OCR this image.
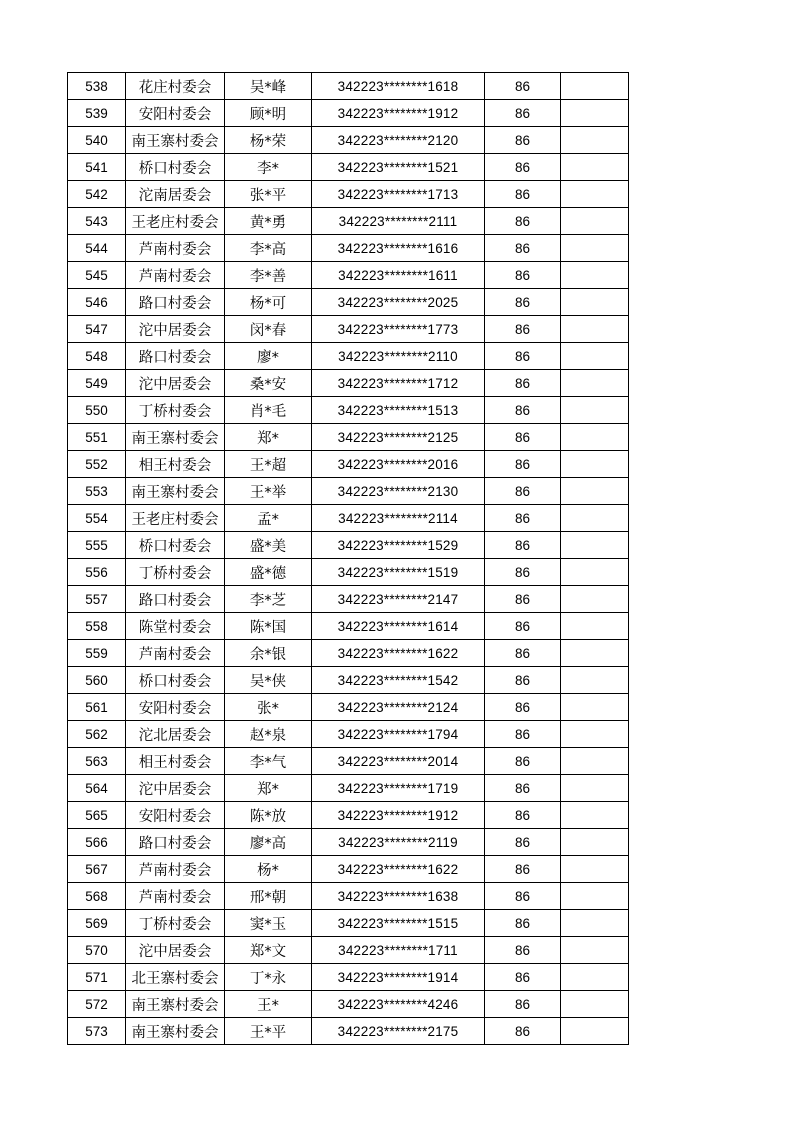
538	花庄村委会	吴*峰	342223********1618	86	
539	安阳村委会	顾*明	342223********1912	86	
540	南王寨村委会	杨*荣	342223********2120	86	
541	桥口村委会	李*	342223********1521	86	
542	沱南居委会	张*平	342223********1713	86	
543	王老庄村委会	黄*勇	342223********2111	86	
544	芦南村委会	李*高	342223********1616	86	
545	芦南村委会	李*善	342223********1611	86	
546	路口村委会	杨*可	342223********2025	86	
547	沱中居委会	闵*春	342223********1773	86	
548	路口村委会	廖*	342223********2110	86	
549	沱中居委会	桑*安	342223********1712	86	
550	丁桥村委会	肖*毛	342223********1513	86	
551	南王寨村委会	郑*	342223********2125	86	
552	相王村委会	王*超	342223********2016	86	
553	南王寨村委会	王*举	342223********2130	86	
554	王老庄村委会	孟*	342223********2114	86	
555	桥口村委会	盛*美	342223********1529	86	
556	丁桥村委会	盛*德	342223********1519	86	
557	路口村委会	李*芝	342223********2147	86	
558	陈堂村委会	陈*国	342223********1614	86	
559	芦南村委会	余*银	342223********1622	86	
560	桥口村委会	吴*侠	342223********1542	86	
561	安阳村委会	张*	342223********2124	86	
562	沱北居委会	赵*泉	342223********1794	86	
563	相王村委会	李*气	342223********2014	86	
564	沱中居委会	郑*	342223********1719	86	
565	安阳村委会	陈*放	342223********1912	86	
566	路口村委会	廖*高	342223********2119	86	
567	芦南村委会	杨*	342223********1622	86	
568	芦南村委会	邢*朝	342223********1638	86	
569	丁桥村委会	窦*玉	342223********1515	86	
570	沱中居委会	郑*文	342223********1711	86	
571	北王寨村委会	丁*永	342223********1914	86	
572	南王寨村委会	王*	342223********4246	86	
573	南王寨村委会	王*平	342223********2175	86	
